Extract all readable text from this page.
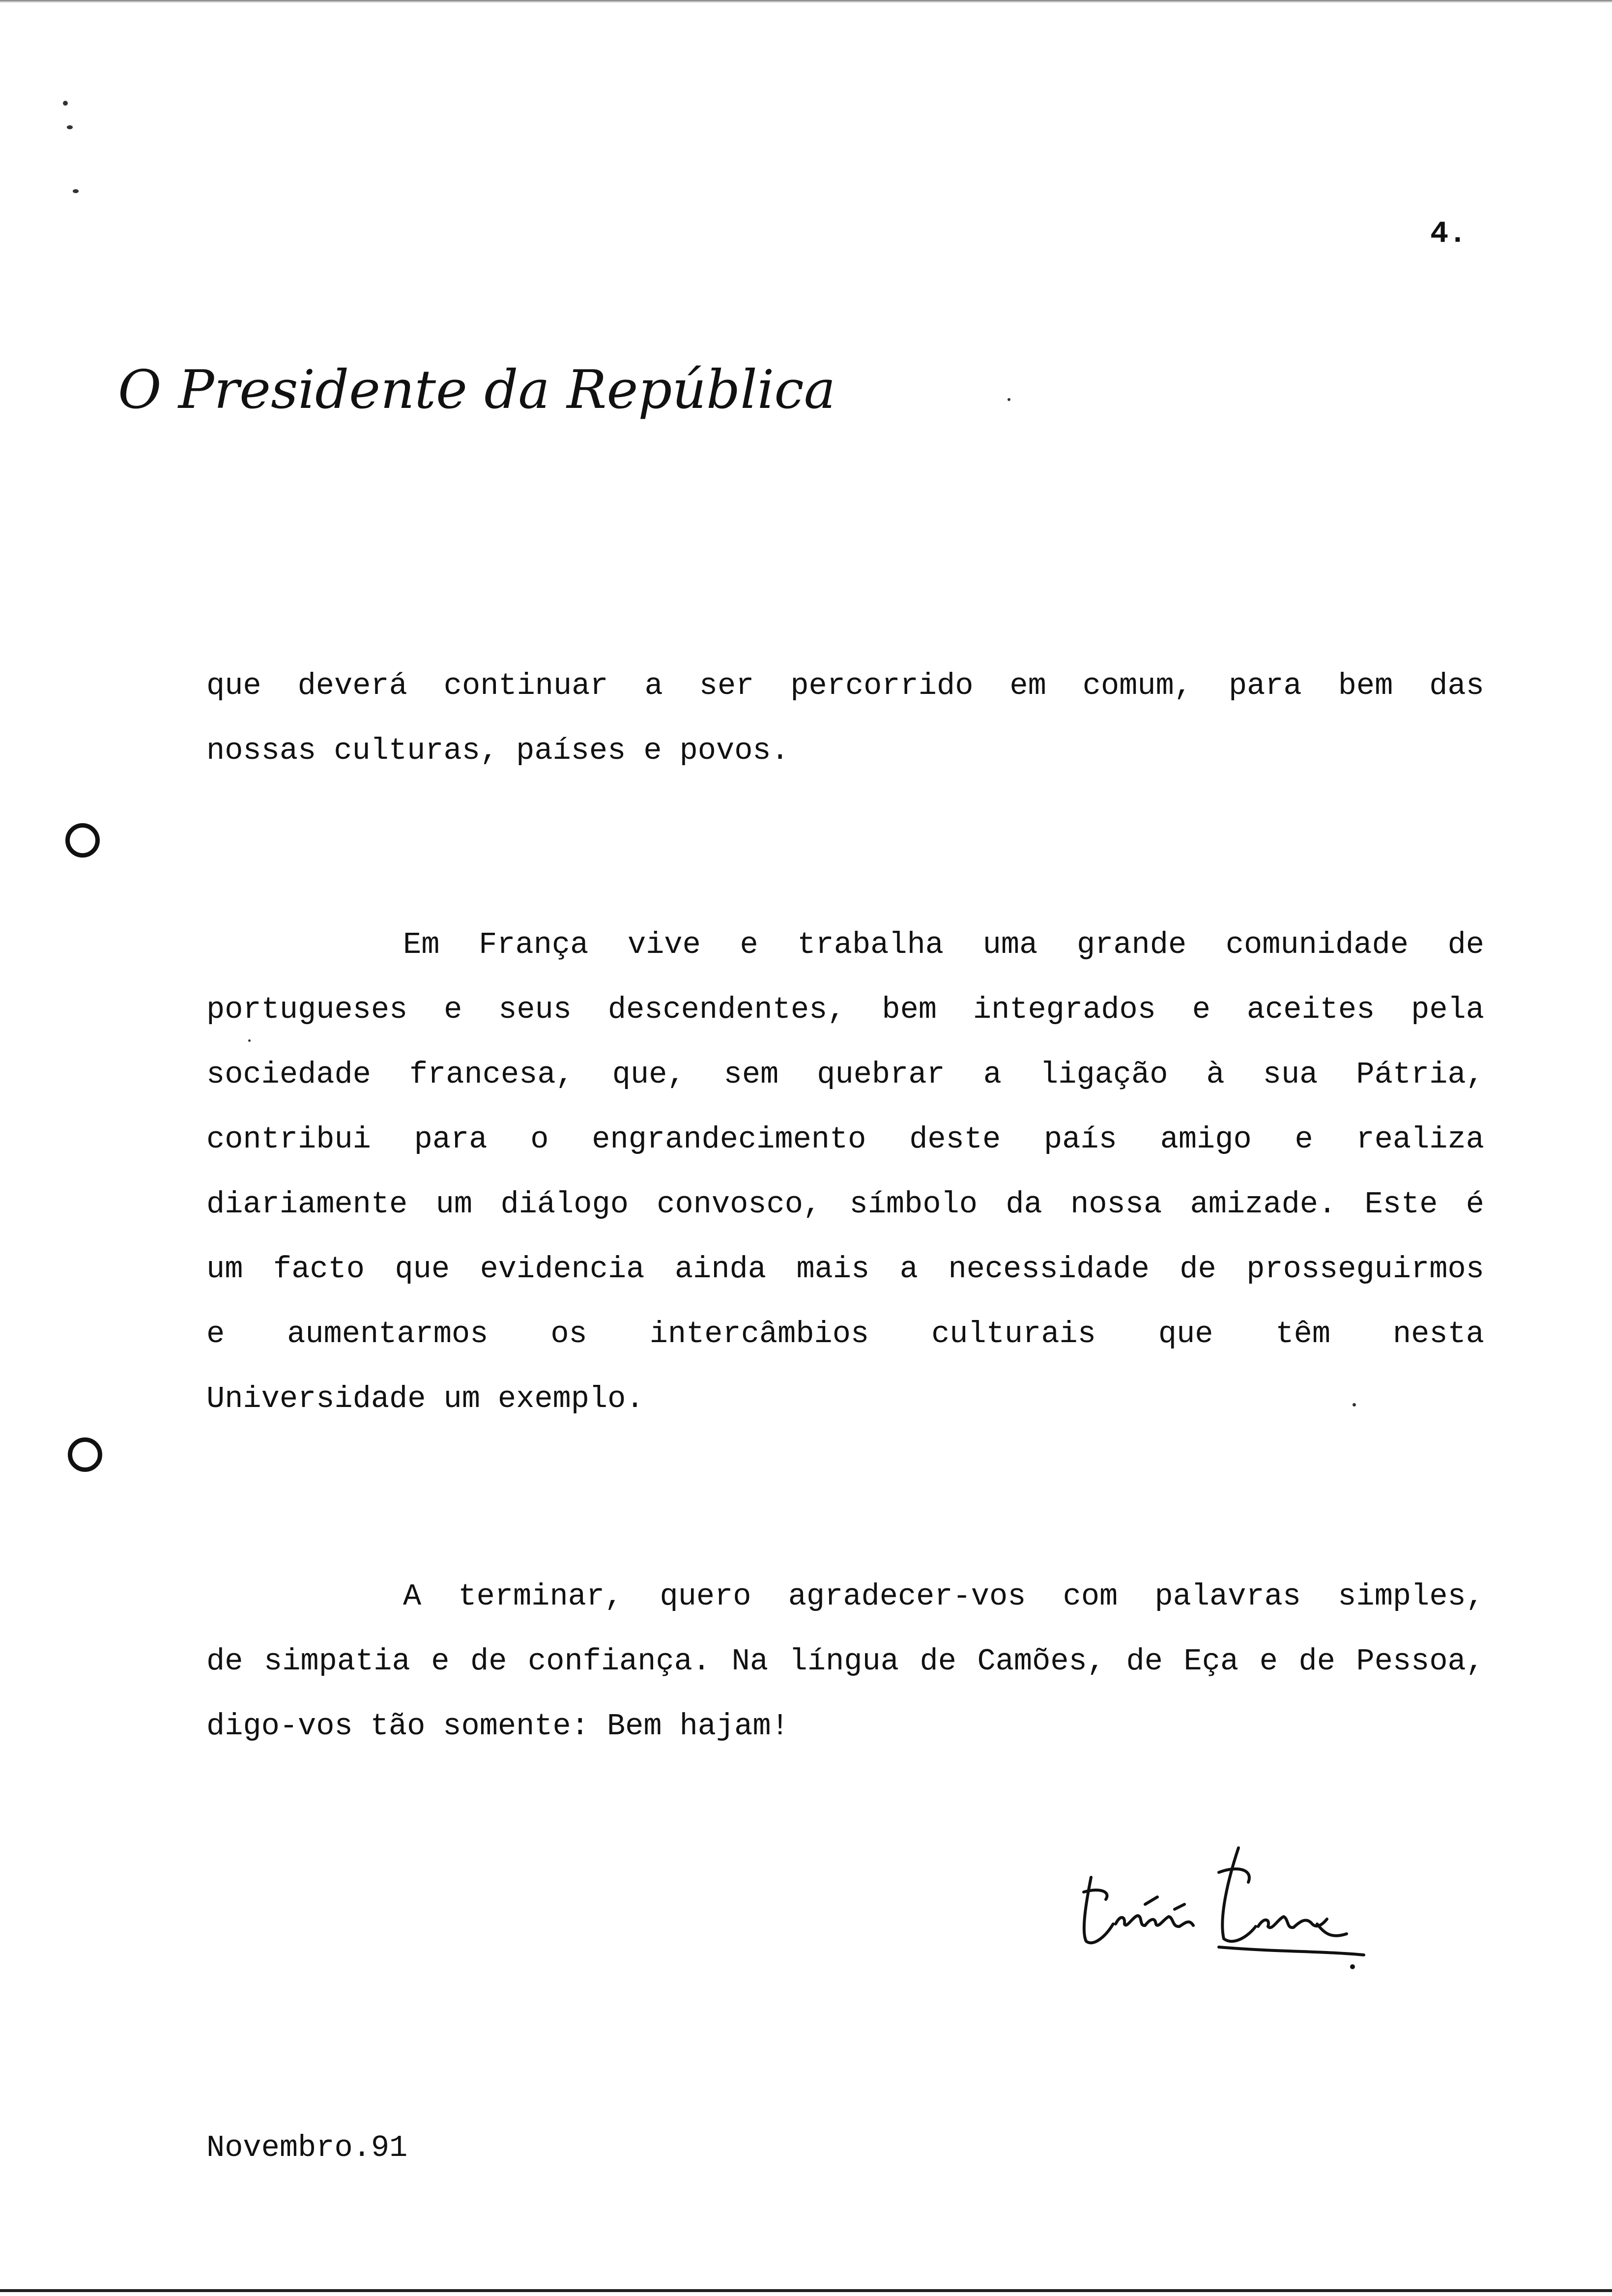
4.
O Presidente da República
que deverá continuar a ser percorrido em comum, para bem das
nossas culturas, países e povos.
Em França vive e trabalha uma grande comunidade de
portugueses e seus descendentes, bem integrados e aceites pela
sociedade francesa, que, sem quebrar a ligação à sua Pátria,
contribui para o engrandecimento deste país amigo e realiza
diariamente um diálogo convosco, símbolo da nossa amizade. Este é
um facto que evidencia ainda mais a necessidade de prosseguirmos
e aumentarmos os intercâmbios culturais que têm nesta
Universidade um exemplo.
A terminar, quero agradecer-vos com palavras simples,
de simpatia e de confiança. Na língua de Camões, de Eça e de Pessoa,
digo-vos tão somente: Bem hajam!
Novembro.91
